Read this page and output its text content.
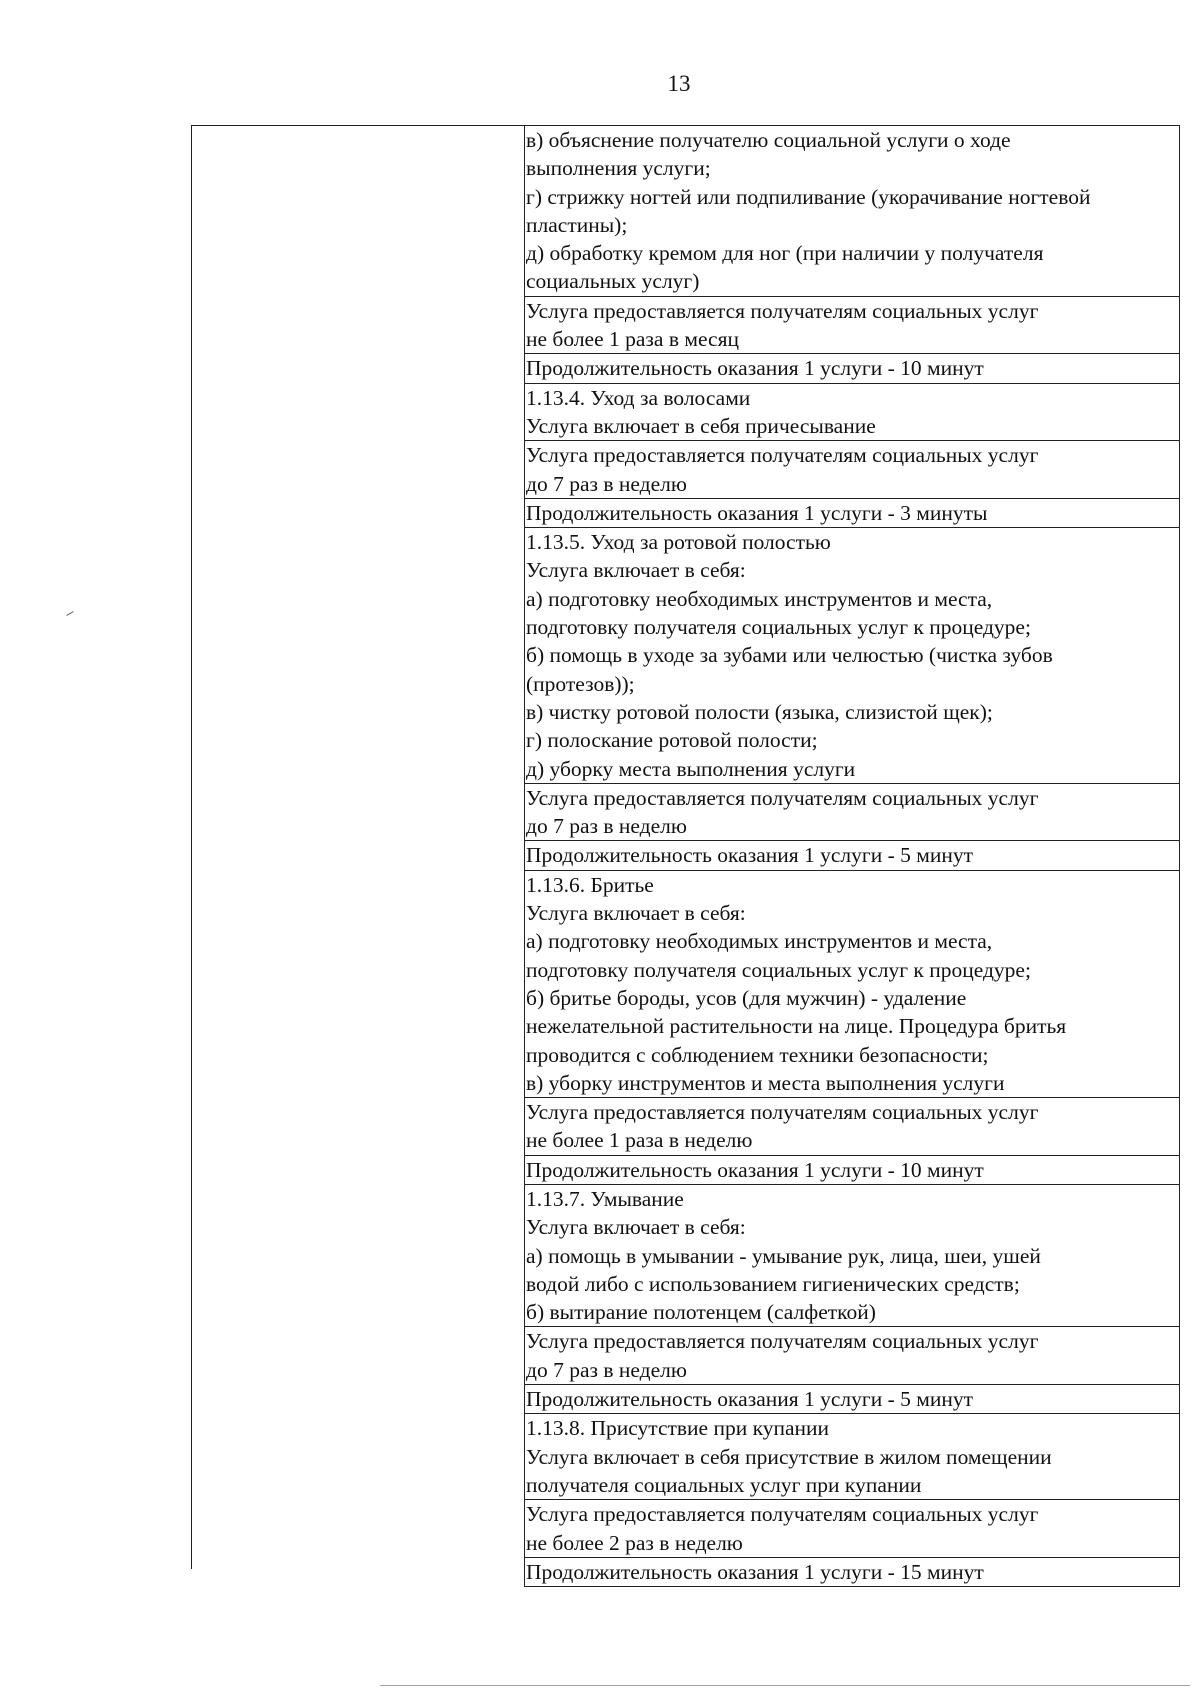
13
в) объяснение получателю социальной услуги о ходе
выполнения услуги;
г) стрижку ногтей или подпиливание (укорачивание ногтевой
пластины);
д) обработку кремом для ног (при наличии у получателя
социальных услуг)
Услуга предоставляется получателям социальных услуг
не более 1 раза в месяц
Продолжительность оказания 1 услуги - 10 минут
1.13.4. Уход за волосами
Услуга включает в себя причесывание
Услуга предоставляется получателям социальных услуг
до 7 раз в неделю
Продолжительность оказания 1 услуги - 3 минуты
1.13.5. Уход за ротовой полостью
Услуга включает в себя:
а) подготовку необходимых инструментов и места,
подготовку получателя социальных услуг к процедуре;
б) помощь в уходе за зубами или челюстью (чистка зубов
(протезов));
в) чистку ротовой полости (языка, слизистой щек);
г) полоскание ротовой полости;
д) уборку места выполнения услуги
Услуга предоставляется получателям социальных услуг
до 7 раз в неделю
Продолжительность оказания 1 услуги - 5 минут
1.13.6. Бритье
Услуга включает в себя:
а) подготовку необходимых инструментов и места,
подготовку получателя социальных услуг к процедуре;
б) бритье бороды, усов (для мужчин) - удаление
нежелательной растительности на лице. Процедура бритья
проводится с соблюдением техники безопасности;
в) уборку инструментов и места выполнения услуги
Услуга предоставляется получателям социальных услуг
не более 1 раза в неделю
Продолжительность оказания 1 услуги - 10 минут
1.13.7. Умывание
Услуга включает в себя:
а) помощь в умывании - умывание рук, лица, шеи, ушей
водой либо с использованием гигиенических средств;
б) вытирание полотенцем (салфеткой)
Услуга предоставляется получателям социальных услуг
до 7 раз в неделю
Продолжительность оказания 1 услуги - 5 минут
1.13.8. Присутствие при купании
Услуга включает в себя присутствие в жилом помещении
получателя социальных услуг при купании
Услуга предоставляется получателям социальных услуг
не более 2 раз в неделю
Продолжительность оказания 1 услуги - 15 минут
